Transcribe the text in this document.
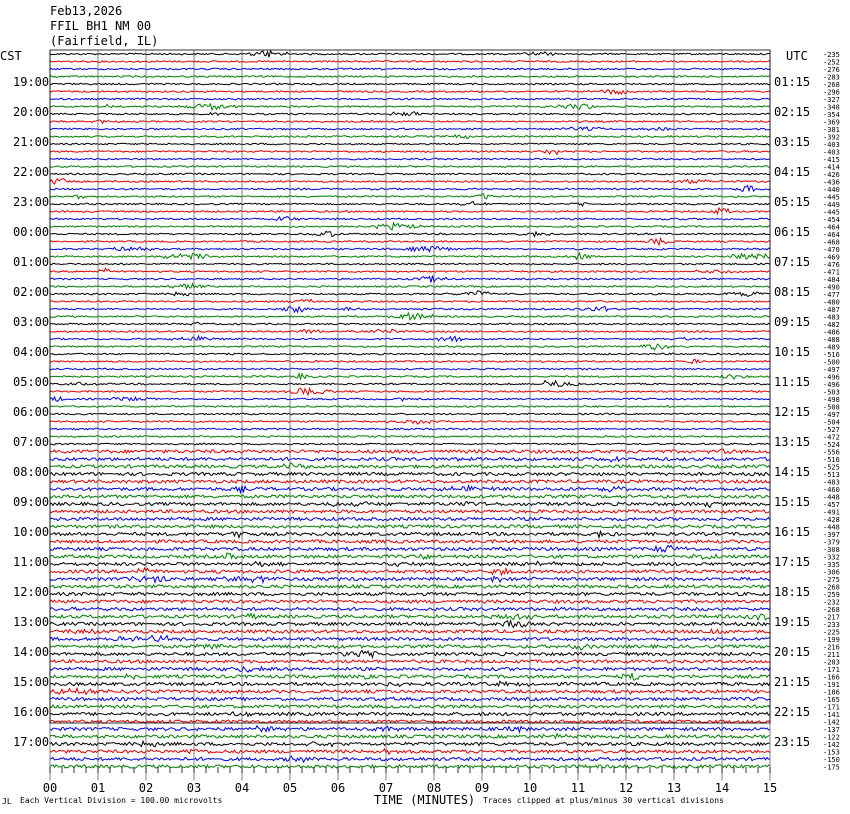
-235
-252
-276
-283
-268
-296
-327
-348
-354
-369
-381
-392
-403
-403
-415
-414
-426
-436
-440
-445
-449
-445
-454
-464
-464
-468
-470
-469
-476
-471
-484
-490
-477
-480
-487
-483
-482
-486
-488
-489
-516
-500
-497
-496
-496
-503
-498
-508
-497
-504
-527
-472
-524
-556
-516
-525
-513
-483
-460
-448
-457
-491
-428
-448
-397
-379
-308
-332
-335
-306
-275
-268
-259
-232
-268
-217
-233
-225
-199
-216
-211
-203
-171
-166
-191
-186
-165
-171
-141
-142
-137
-122
-142
-153
-150
-175
00	01	02	03	04	05	06	07	08	09	10	11	12	13	14	15
CST	UTC
19:00	01:15
20:00	02:15
21:00	03:15
22:00	04:15
23:00	05:15
00:00	06:15
01:00	07:15
02:00	08:15
03:00	09:15
04:00	10:15
05:00	11:15
06:00	12:15
07:00	13:15
08:00	14:15
09:00	15:15
10:00	16:15
11:00	17:15
12:00	18:15
13:00	19:15
14:00	20:15
15:00	21:15
16:00	22:15
17:00	23:15
Feb13,2026
FFIL BH1 NM 00
(Fairfield, IL)
JL Each Vertical Division = 100.00 microvolts	TIME (MINUTES) Traces clipped at plus/minus 30 vertical divisions
